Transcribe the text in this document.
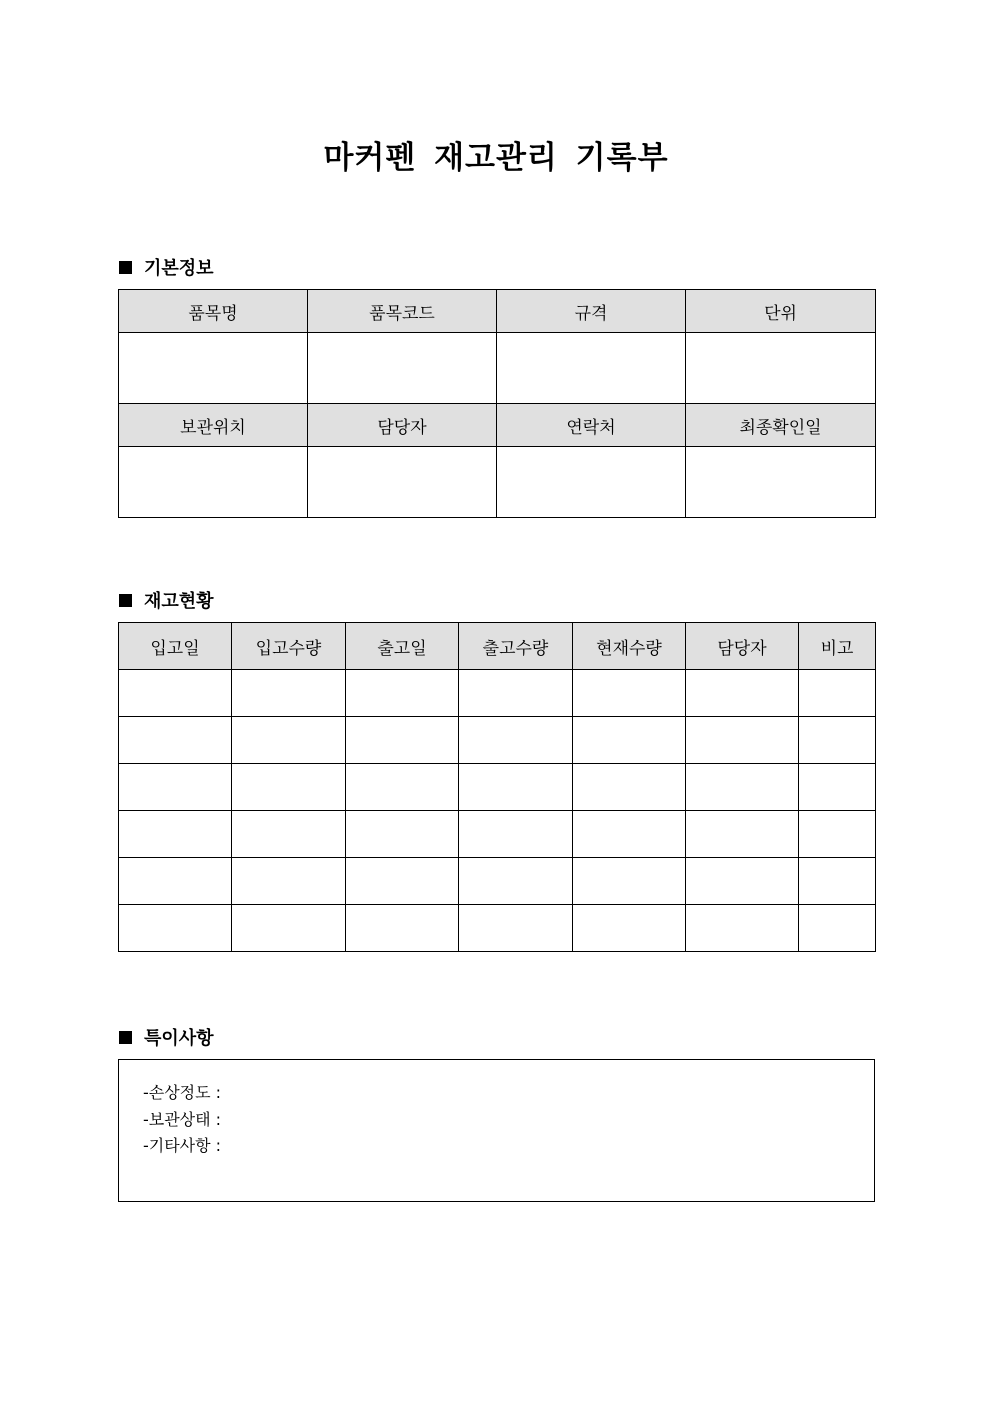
마커펜 재고관리 기록부
기본정보
품목명	품목코드	규격	단위

보관위치	담당자	연락처	최종확인일

재고현황
입고일	입고수량	출고일	출고수량	현재수량	담당자	비고

특이사항
-손상정도 :
-보관상태 :
-기타사항 :
